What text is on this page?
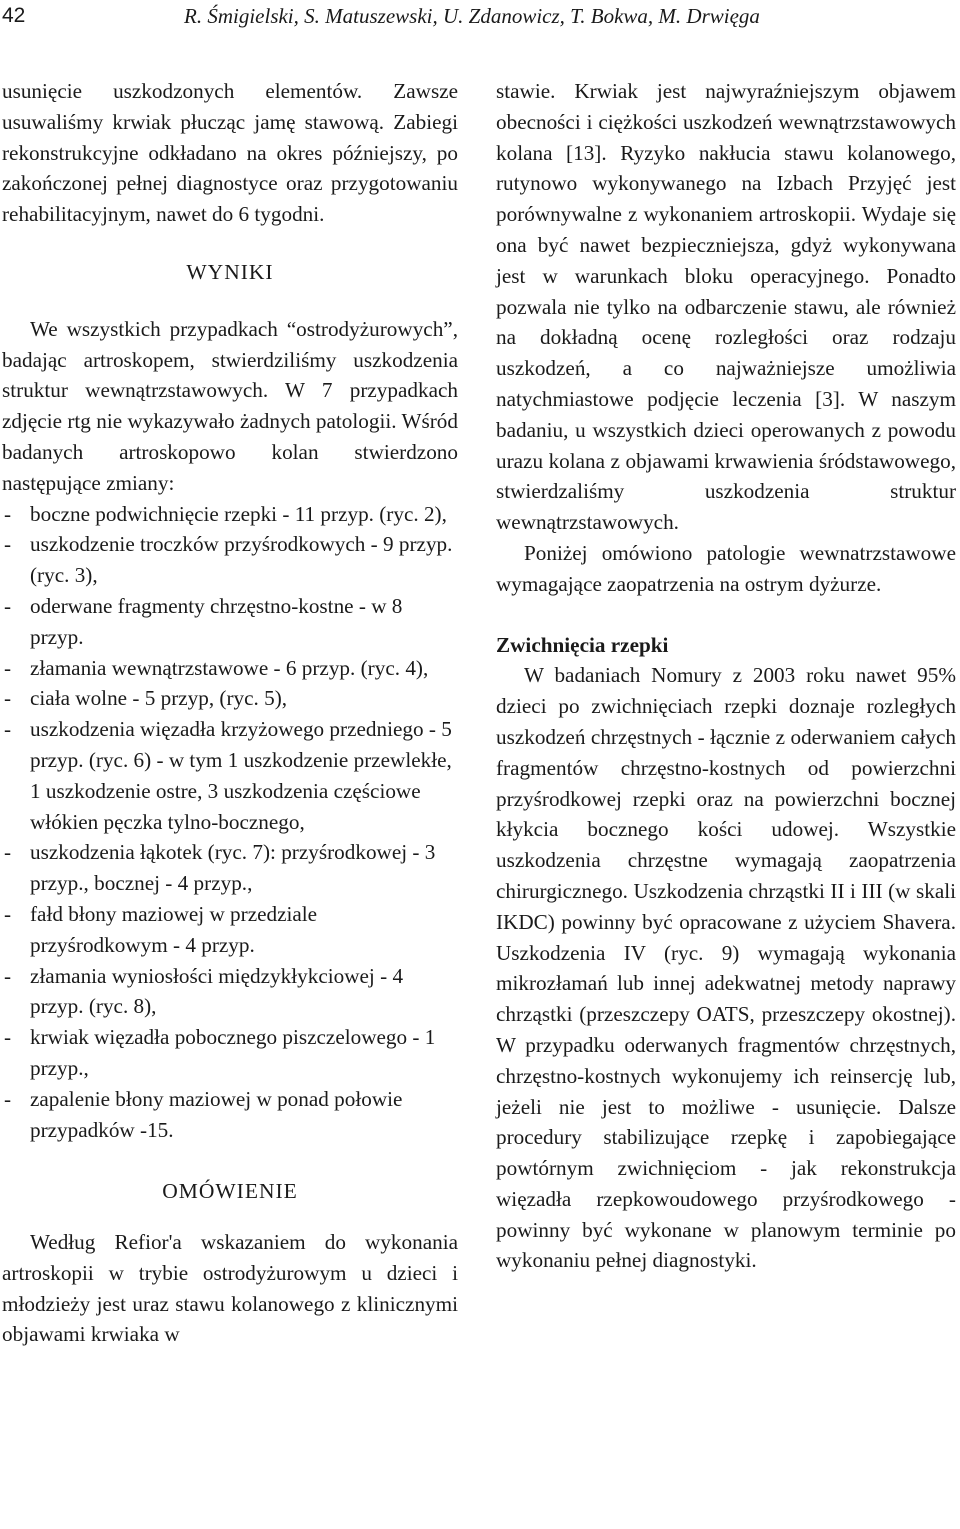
42	R. Śmigielski, S. Matuszewski, U. Zdanowicz, T. Bokwa, M. Drwięga

usunięcie uszkodzonych elementów. Zawsze usuwaliśmy krwiak płucząc jamę stawową. Zabiegi rekonstrukcyjne odkładano na okres późniejszy, po zakończonej pełnej diagnostyce oraz przygotowaniu rehabilitacyjnym, nawet do 6 tygodni.

WYNIKI

We wszystkich przypadkach “ostrodyżurowych”, badając artroskopem, stwierdziliśmy uszkodzenia struktur wewnątrzstawowych. W 7 przypadkach zdjęcie rtg nie wykazywało żadnych patologii. Wśród badanych artroskopowo kolan stwierdzono następujące zmiany:

- boczne podwichnięcie rzepki - 11 przyp. (ryc. 2),
- uszkodzenie troczków przyśrodkowych - 9 przyp. (ryc. 3),
- oderwane fragmenty chrzęstno-kostne - w 8 przyp.
- złamania wewnątrzstawowe - 6 przyp. (ryc. 4),
- ciała wolne - 5 przyp, (ryc. 5),
- uszkodzenia więzadła krzyżowego przedniego - 5 przyp. (ryc. 6) - w tym 1 uszkodzenie przewlekłe, 1 uszkodzenie ostre, 3 uszkodzenia częściowe włókien pęczka tylno-bocznego,
- uszkodzenia łąkotek (ryc. 7): przyśrodkowej - 3 przyp., bocznej - 4 przyp.,
- fałd błony maziowej w przedziale przyśrodkowym - 4 przyp.
- złamania wyniosłości międzykłykciowej - 4 przyp. (ryc. 8),
- krwiak więzadła pobocznego piszczelowego - 1 przyp.,
- zapalenie błony maziowej w ponad połowie przypadków -15.

OMÓWIENIE

Według Refior'a wskazaniem do wykonania artroskopii w trybie ostrodyżurowym u dzieci i młodzieży jest uraz stawu kolanowego z klinicznymi objawami krwiaka w

stawie. Krwiak jest najwyraźniejszym objawem obecności i ciężkości uszkodzeń wewnątrzstawowych kolana [13]. Ryzyko nakłucia stawu kolanowego, rutynowo wykonywanego na Izbach Przyjęć jest porównywalne z wykonaniem artroskopii. Wydaje się ona być nawet bezpieczniejsza, gdyż wykonywana jest w warunkach bloku operacyjnego. Ponadto pozwala nie tylko na odbarczenie stawu, ale również na dokładną ocenę rozległości oraz rodzaju uszkodzeń, a co najważniejsze umożliwia natychmiastowe podjęcie leczenia [3]. W naszym badaniu, u wszystkich dzieci operowanych z powodu urazu kolana z objawami krwawienia śródstawowego, stwierdzaliśmy uszkodzenia struktur wewnątrzstawowych.

Poniżej omówiono patologie wewnatrzstawowe wymagające zaopatrzenia na ostrym dyżurze.

Zwichnięcia rzepki

W badaniach Nomury z 2003 roku nawet 95% dzieci po zwichnięciach rzepki doznaje rozległych uszkodzeń chrzęstnych - łącznie z oderwaniem całych fragmentów chrzęstno-kostnych od powierzchni przyśrodkowej rzepki oraz na powierzchni bocznej kłykcia bocznego kości udowej. Wszystkie uszkodzenia chrzęstne wymagają zaopatrzenia chirurgicznego. Uszkodzenia chrząstki II i III (w skali IKDC) powinny być opracowane z użyciem Shavera. Uszkodzenia IV (ryc. 9) wymagają wykonania mikrozłamań lub innej adekwatnej metody naprawy chrząstki (przeszczepy OATS, przeszczepy okostnej). W przypadku oderwanych fragmentów chrzęstnych, chrzęstno-kostnych wykonujemy ich reinsercję lub, jeżeli nie jest to możliwe - usunięcie. Dalsze procedury stabilizujące rzepkę i zapobiegające powtórnym zwichnięciom - jak rekonstrukcja więzadła rzepkowoudowego przyśrodkowego - powinny być wykonane w planowym terminie po wykonaniu pełnej diagnostyki.
